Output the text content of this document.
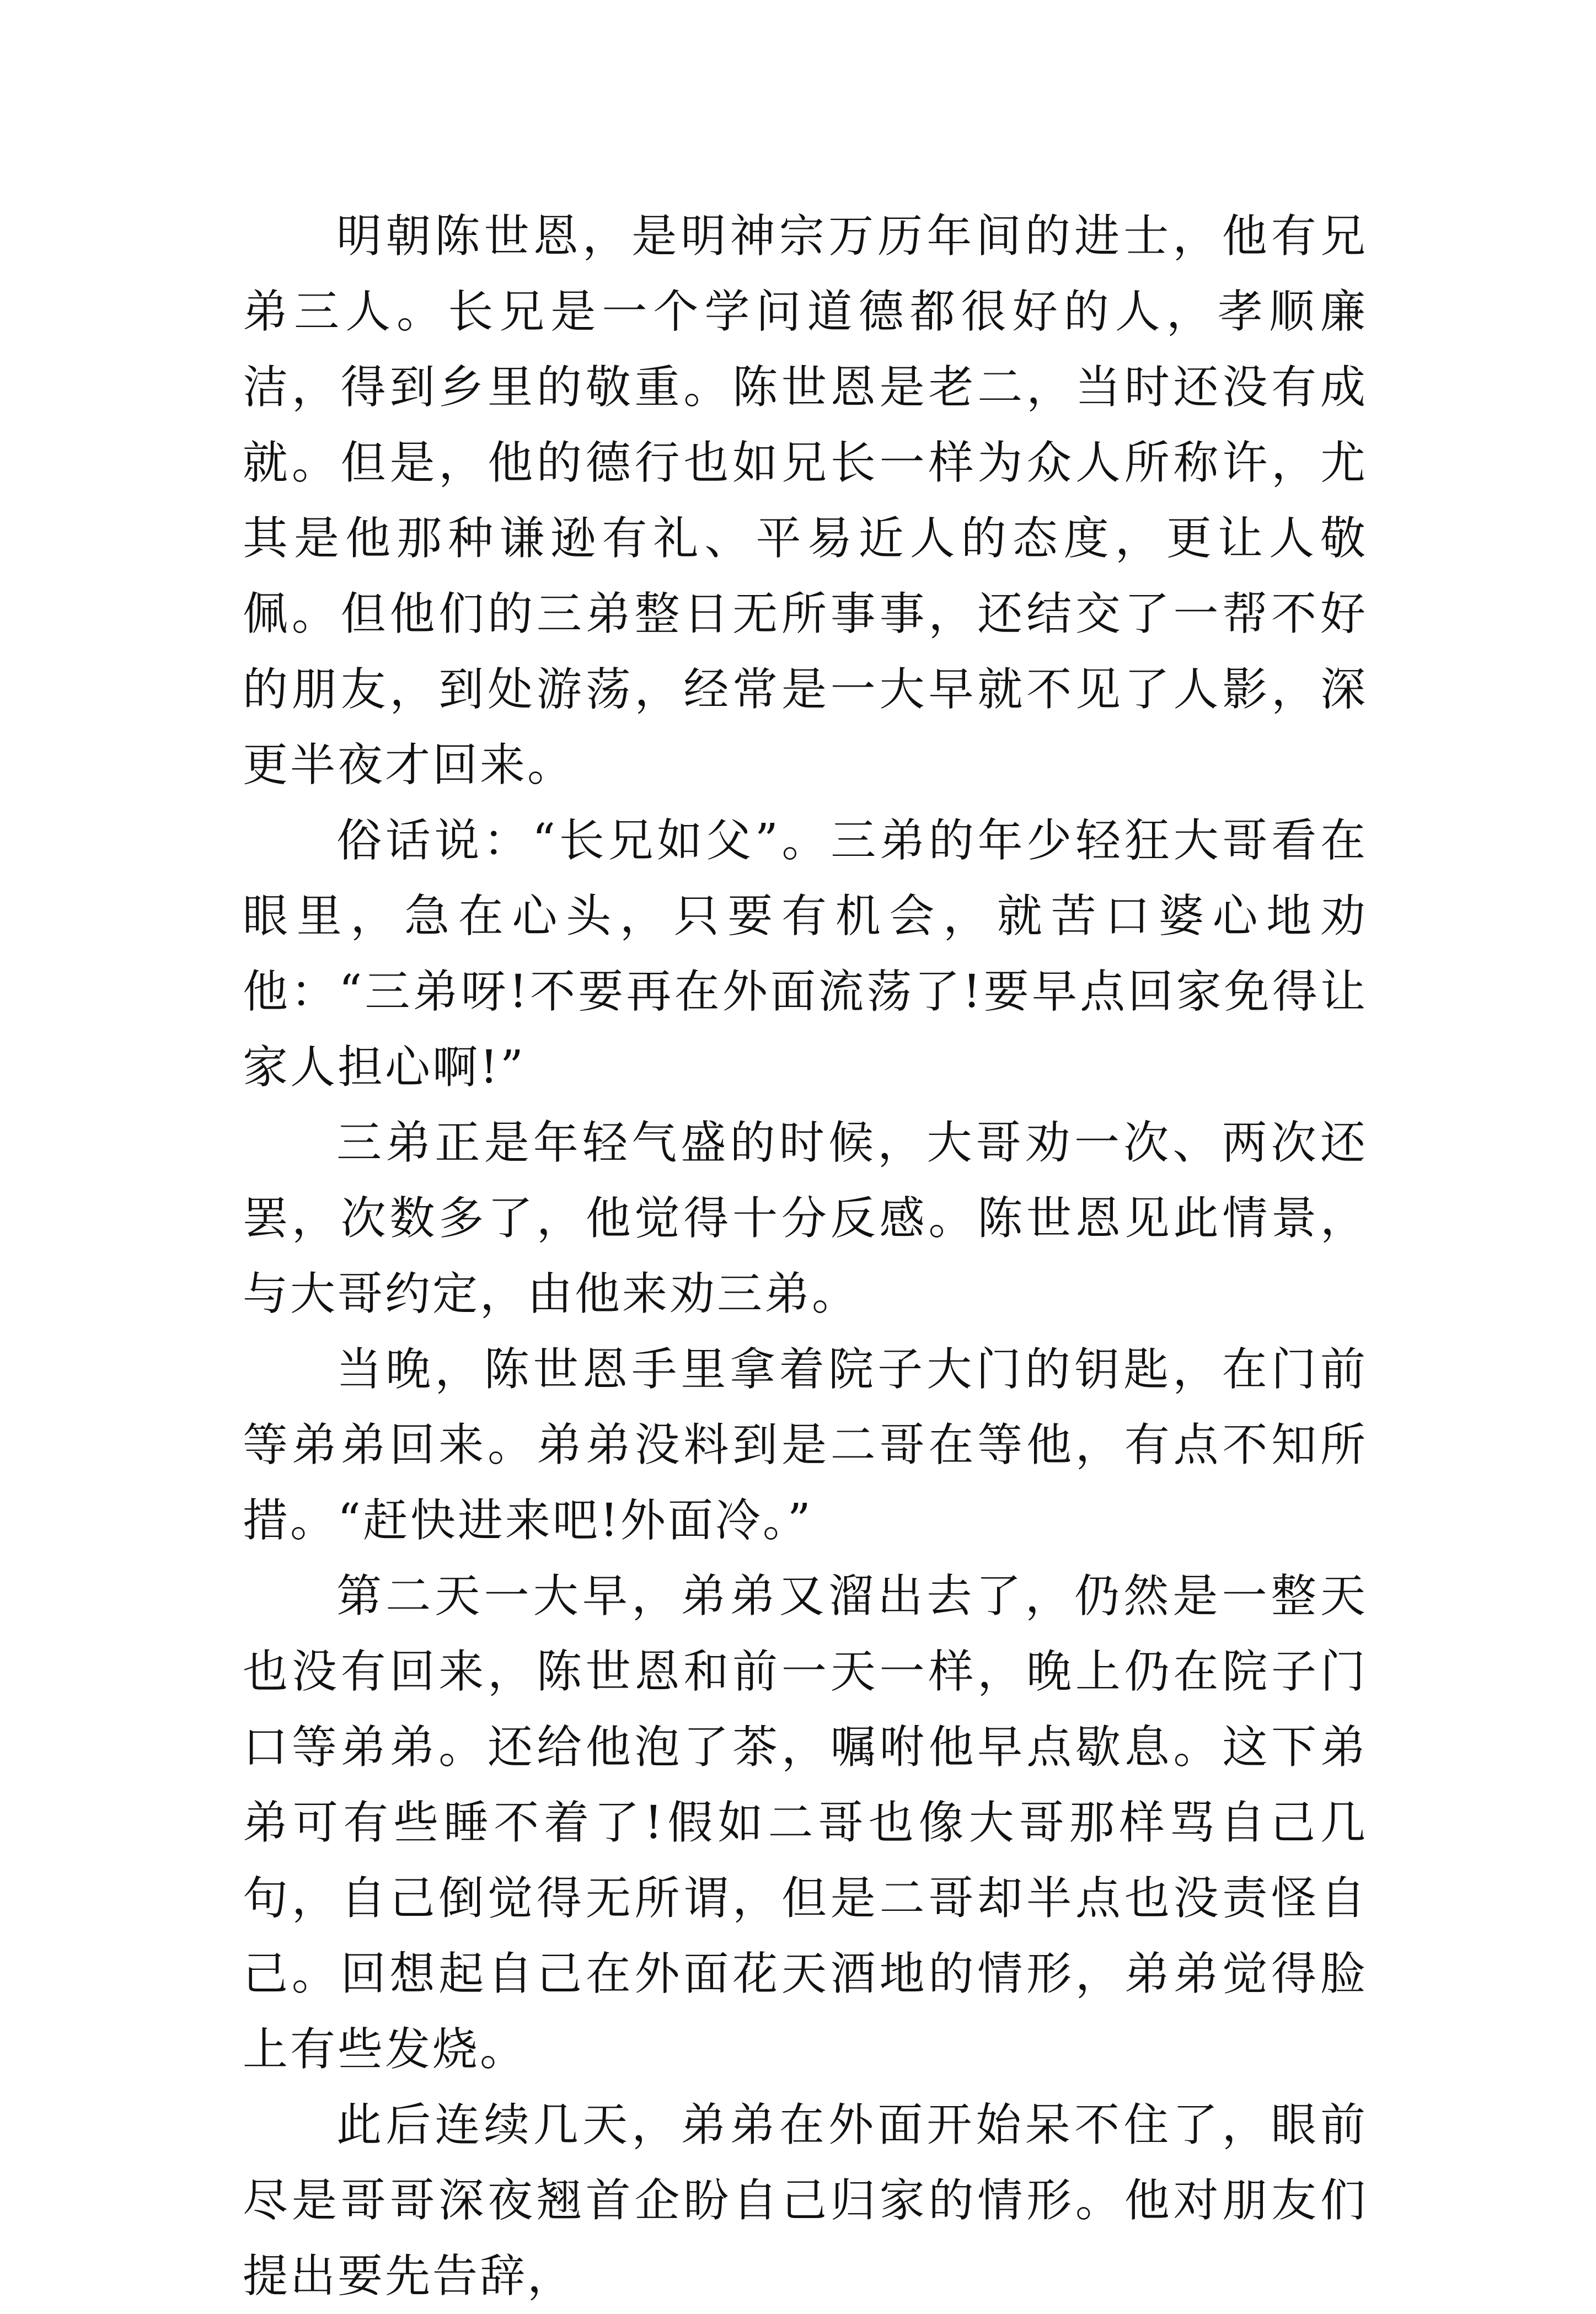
明朝陈世恩，是明神宗万历年间的进士，他有兄弟三人。长兄是一个学问道德都很好的人，孝顺廉洁，得到乡里的敬重。陈世恩是老二，当时还没有成就。但是，他的德行也如兄长一样为众人所称许，尤其是他那种谦逊有礼、平易近人的态度，更让人敬佩。但他们的三弟整日无所事事，还结交了一帮不好的朋友，到处游荡，经常是一大早就不见了人影，深更半夜才回来。

俗话说：“长兄如父”。三弟的年少轻狂大哥看在眼里，急在心头，只要有机会，就苦口婆心地劝他：“三弟呀!不要再在外面流荡了!要早点回家免得让家人担心啊!”

三弟正是年轻气盛的时候，大哥劝一次、两次还罢，次数多了，他觉得十分反感。陈世恩见此情景，与大哥约定，由他来劝三弟。

当晚，陈世恩手里拿着院子大门的钥匙，在门前等弟弟回来。弟弟没料到是二哥在等他，有点不知所措。“赶快进来吧!外面冷。”

第二天一大早，弟弟又溜出去了，仍然是一整天也没有回来，陈世恩和前一天一样，晚上仍在院子门口等弟弟。还给他泡了茶，嘱咐他早点歇息。这下弟弟可有些睡不着了!假如二哥也像大哥那样骂自己几句，自己倒觉得无所谓，但是二哥却半点也没责怪自己。回想起自己在外面花天酒地的情形，弟弟觉得脸上有些发烧。

此后连续几天，弟弟在外面开始呆不住了，眼前尽是哥哥深夜翘首企盼自己归家的情形。他对朋友们提出要先告辞，
